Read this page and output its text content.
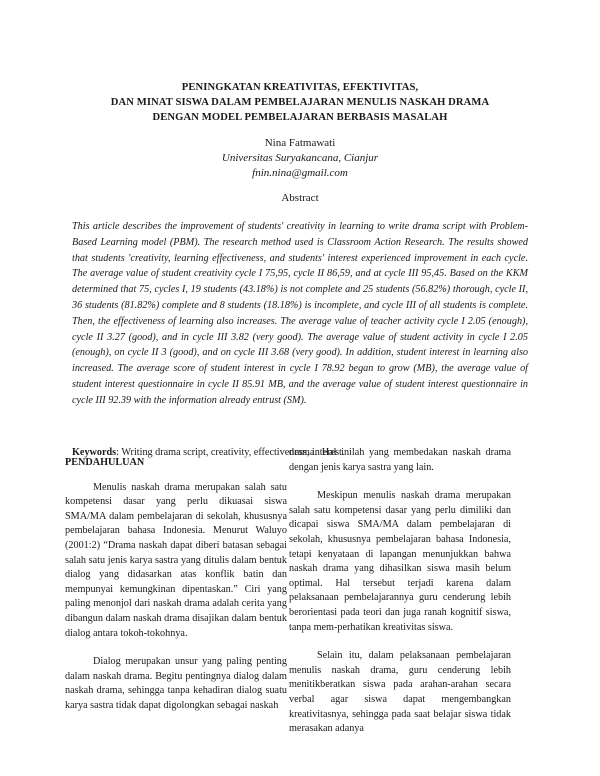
PENINGKATAN KREATIVITAS, EFEKTIVITAS,
DAN MINAT SISWA DALAM PEMBELAJARAN MENULIS NASKAH DRAMA
DENGAN MODEL PEMBELAJARAN BERBASIS MASALAH
Nina Fatmawati
Universitas Suryakancana, Cianjur
fnin.nina@gmail.com
Abstract

This article describes the improvement of students' creativity in learning to write drama script with Problem-Based Learning model (PBM). The research method used is Classroom Action Research. The results showed that students 'creativity, learning effectiveness, and students' interest experienced improvement in each cycle. The average value of student creativity cycle I 75,95, cycle II 86,59, and at cycle III 95,45. Based on the KKM determined that 75, cycles I, 19 students (43.18%) is not complete and 25 students (56.82%) thorough, cycle II, 36 students (81.82%) complete and 8 students (18.18%) is incomplete, and cycle III of all students is complete. Then, the effectiveness of learning also increases. The average value of teacher activity cycle I 2.05 (enough), cycle II 3.27 (good), and in cycle III 3.82 (very good). The average value of student activity in cycle I 2.05 (enough), on cycle II 3 (good), and on cycle III 3.68 (very good). In addition, student interest in learning also increased. The average score of student interest in cycle I 78.92 began to grow (MB), the average value of student interest questionnaire in cycle II 85.91 MB, and the average value of student interest questionnaire in cycle III 92.39 with the information already entrust (SM).

Keywords: Writing drama script, creativity, effectiveness, interest.
PENDAHULUAN

Menulis naskah drama merupakan salah satu kompetensi dasar yang perlu dikuasai siswa SMA/MA dalam pembelajaran di sekolah, khususnya pembelajaran bahasa Indonesia. Menurut Waluyo (2001:2) “Drama naskah dapat diberi batasan sebagai salah satu jenis karya sastra yang ditulis dalam bentuk dialog yang didasarkan atas konflik batin dan mempunyai kemungkinan dipentaskan.” Ciri yang paling menonjol dari naskah drama adalah cerita yang dibangun dalam naskah drama disajikan dalam bentuk dialog antara tokoh-tokohnya.

Dialog merupakan unsur yang paling penting dalam naskah drama. Begitu pentingnya dialog dalam naskah drama, sehingga tanpa kehadiran dialog suatu karya sastra tidak dapat digolongkan sebagai naskah

drama. Hal inilah yang membedakan naskah drama dengan jenis karya sastra yang lain.

Meskipun menulis naskah drama merupakan salah satu kompetensi dasar yang perlu dimiliki dan dicapai siswa SMA/MA dalam pembelajaran di sekolah, khususnya pembelajaran bahasa Indonesia, tetapi kenyataan di lapangan menunjukkan bahwa naskah drama yang dihasilkan siswa masih belum optimal. Hal tersebut terjadi karena dalam pelaksanaan pembelajarannya guru cenderung lebih berorientasi pada teori dan juga ranah kognitif siswa, tanpa mem-perhatikan kreativitas siswa.

Selain itu, dalam pelaksanaan pembelajaran menulis naskah drama, guru cenderung lebih menitikberatkan siswa pada arahan-arahan secara verbal agar siswa dapat mengembangkan kreativitasnya, sehingga pada saat belajar siswa tidak merasakan adanya
